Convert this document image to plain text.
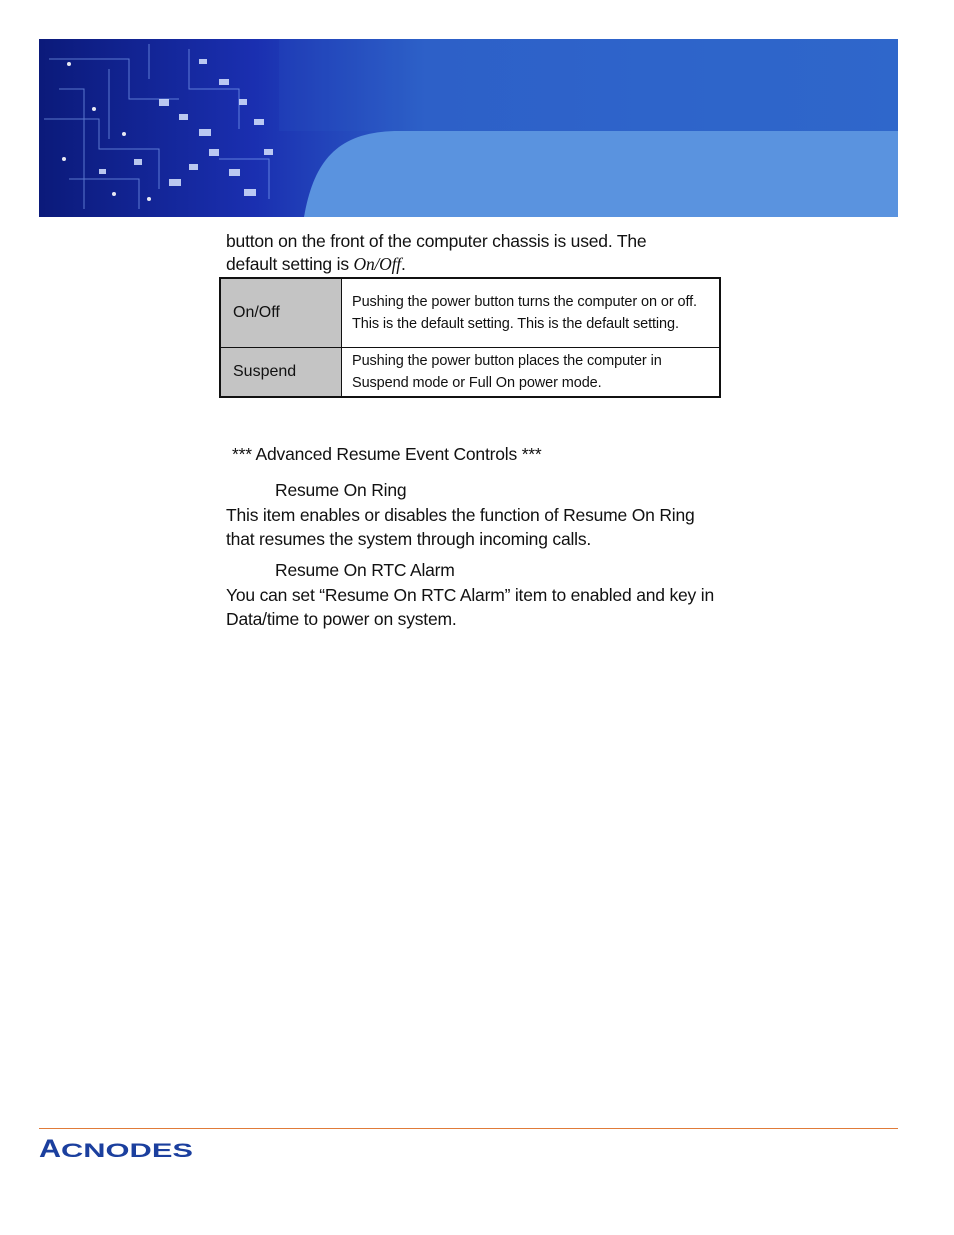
button on the front of the computer chassis is used. The
default setting is On/Off.

On/Off	Pushing the power button turns the computer on or off. This is the default setting. This is the default setting.
Suspend	Pushing the power button places the computer in Suspend mode or Full On power mode.

*** Advanced Resume Event Controls ***

Resume On Ring

This item enables or disables the function of Resume On Ring that resumes the system through incoming calls.

Resume On RTC Alarm

You can set “Resume On RTC Alarm” item to enabled and key in Data/time to power on system.

A CNODES
